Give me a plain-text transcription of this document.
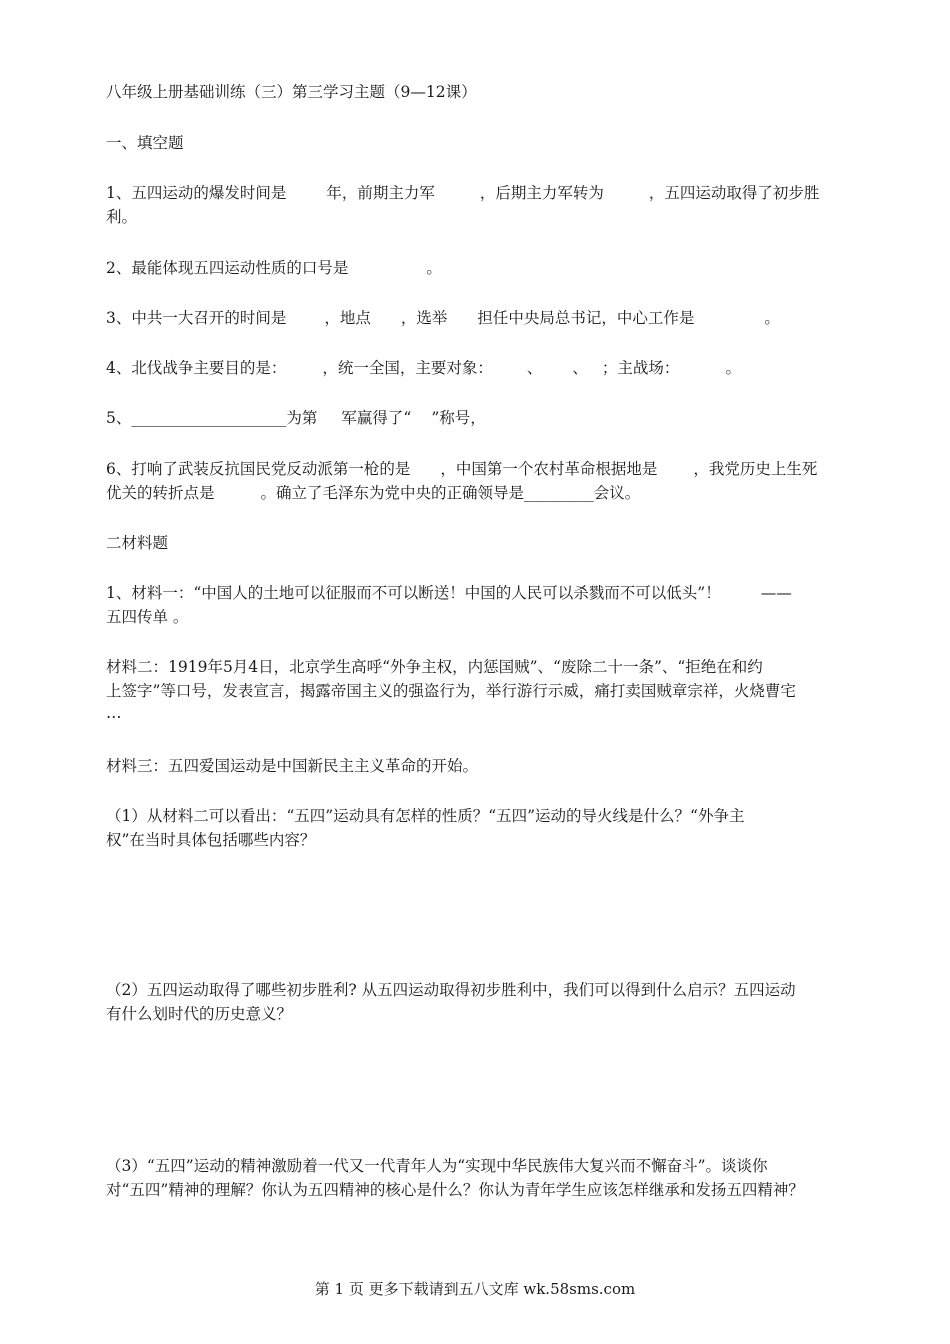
八年级上册基础训练（三）第三学习主题（9—12课）
一、填空题
1、五四运动的爆发时间是	年，前期主力军	，后期主力军转为	，五四运动取得了初步胜
利。
2、最能体现五四运动性质的口号是	。
3、中共一大召开的时间是 ，地点 ，选举 担任中央局总书记，中心工作是	。
4、北伐战争主要目的是： ，统一全国，主要对象： 、 、 ；主战场：	。
5、____________________为第 军赢得了“ ”称号，
6、打响了武装反抗国民党反动派第一枪的是 ，中国第一个农村革命根据地是 ，我党历史上生死
优关的转折点是	。确立了毛泽东为党中央的正确领导是_________会议。
二材料题
1、材料一：“中国人的土地可以征服而不可以断送！中国的人民可以杀戮而不可以低头”！	——
五四传单 。
材料二：1919年5月4日，北京学生高呼“外争主权，内惩国贼”、“废除二十一条”、“拒绝在和约
上签字”等口号，发表宣言，揭露帝国主义的强盗行为，举行游行示威，痛打卖国贼章宗祥，火烧曹宅
…
材料三：五四爱国运动是中国新民主主义革命的开始。
（1）从材料二可以看出：“五四”运动具有怎样的性质？“五四”运动的导火线是什么？“外争主
权”在当时具体包括哪些内容？
（2）五四运动取得了哪些初步胜利? 从五四运动取得初步胜利中，我们可以得到什么启示？五四运动
有什么划时代的历史意义？
（3）“五四”运动的精神激励着一代又一代青年人为“实现中华民族伟大复兴而不懈奋斗”。谈谈你
对“五四”精神的理解？你认为五四精神的核心是什么？你认为青年学生应该怎样继承和发扬五四精神？
第 1 页 更多下载请到五八文库 wk.58sms.com
